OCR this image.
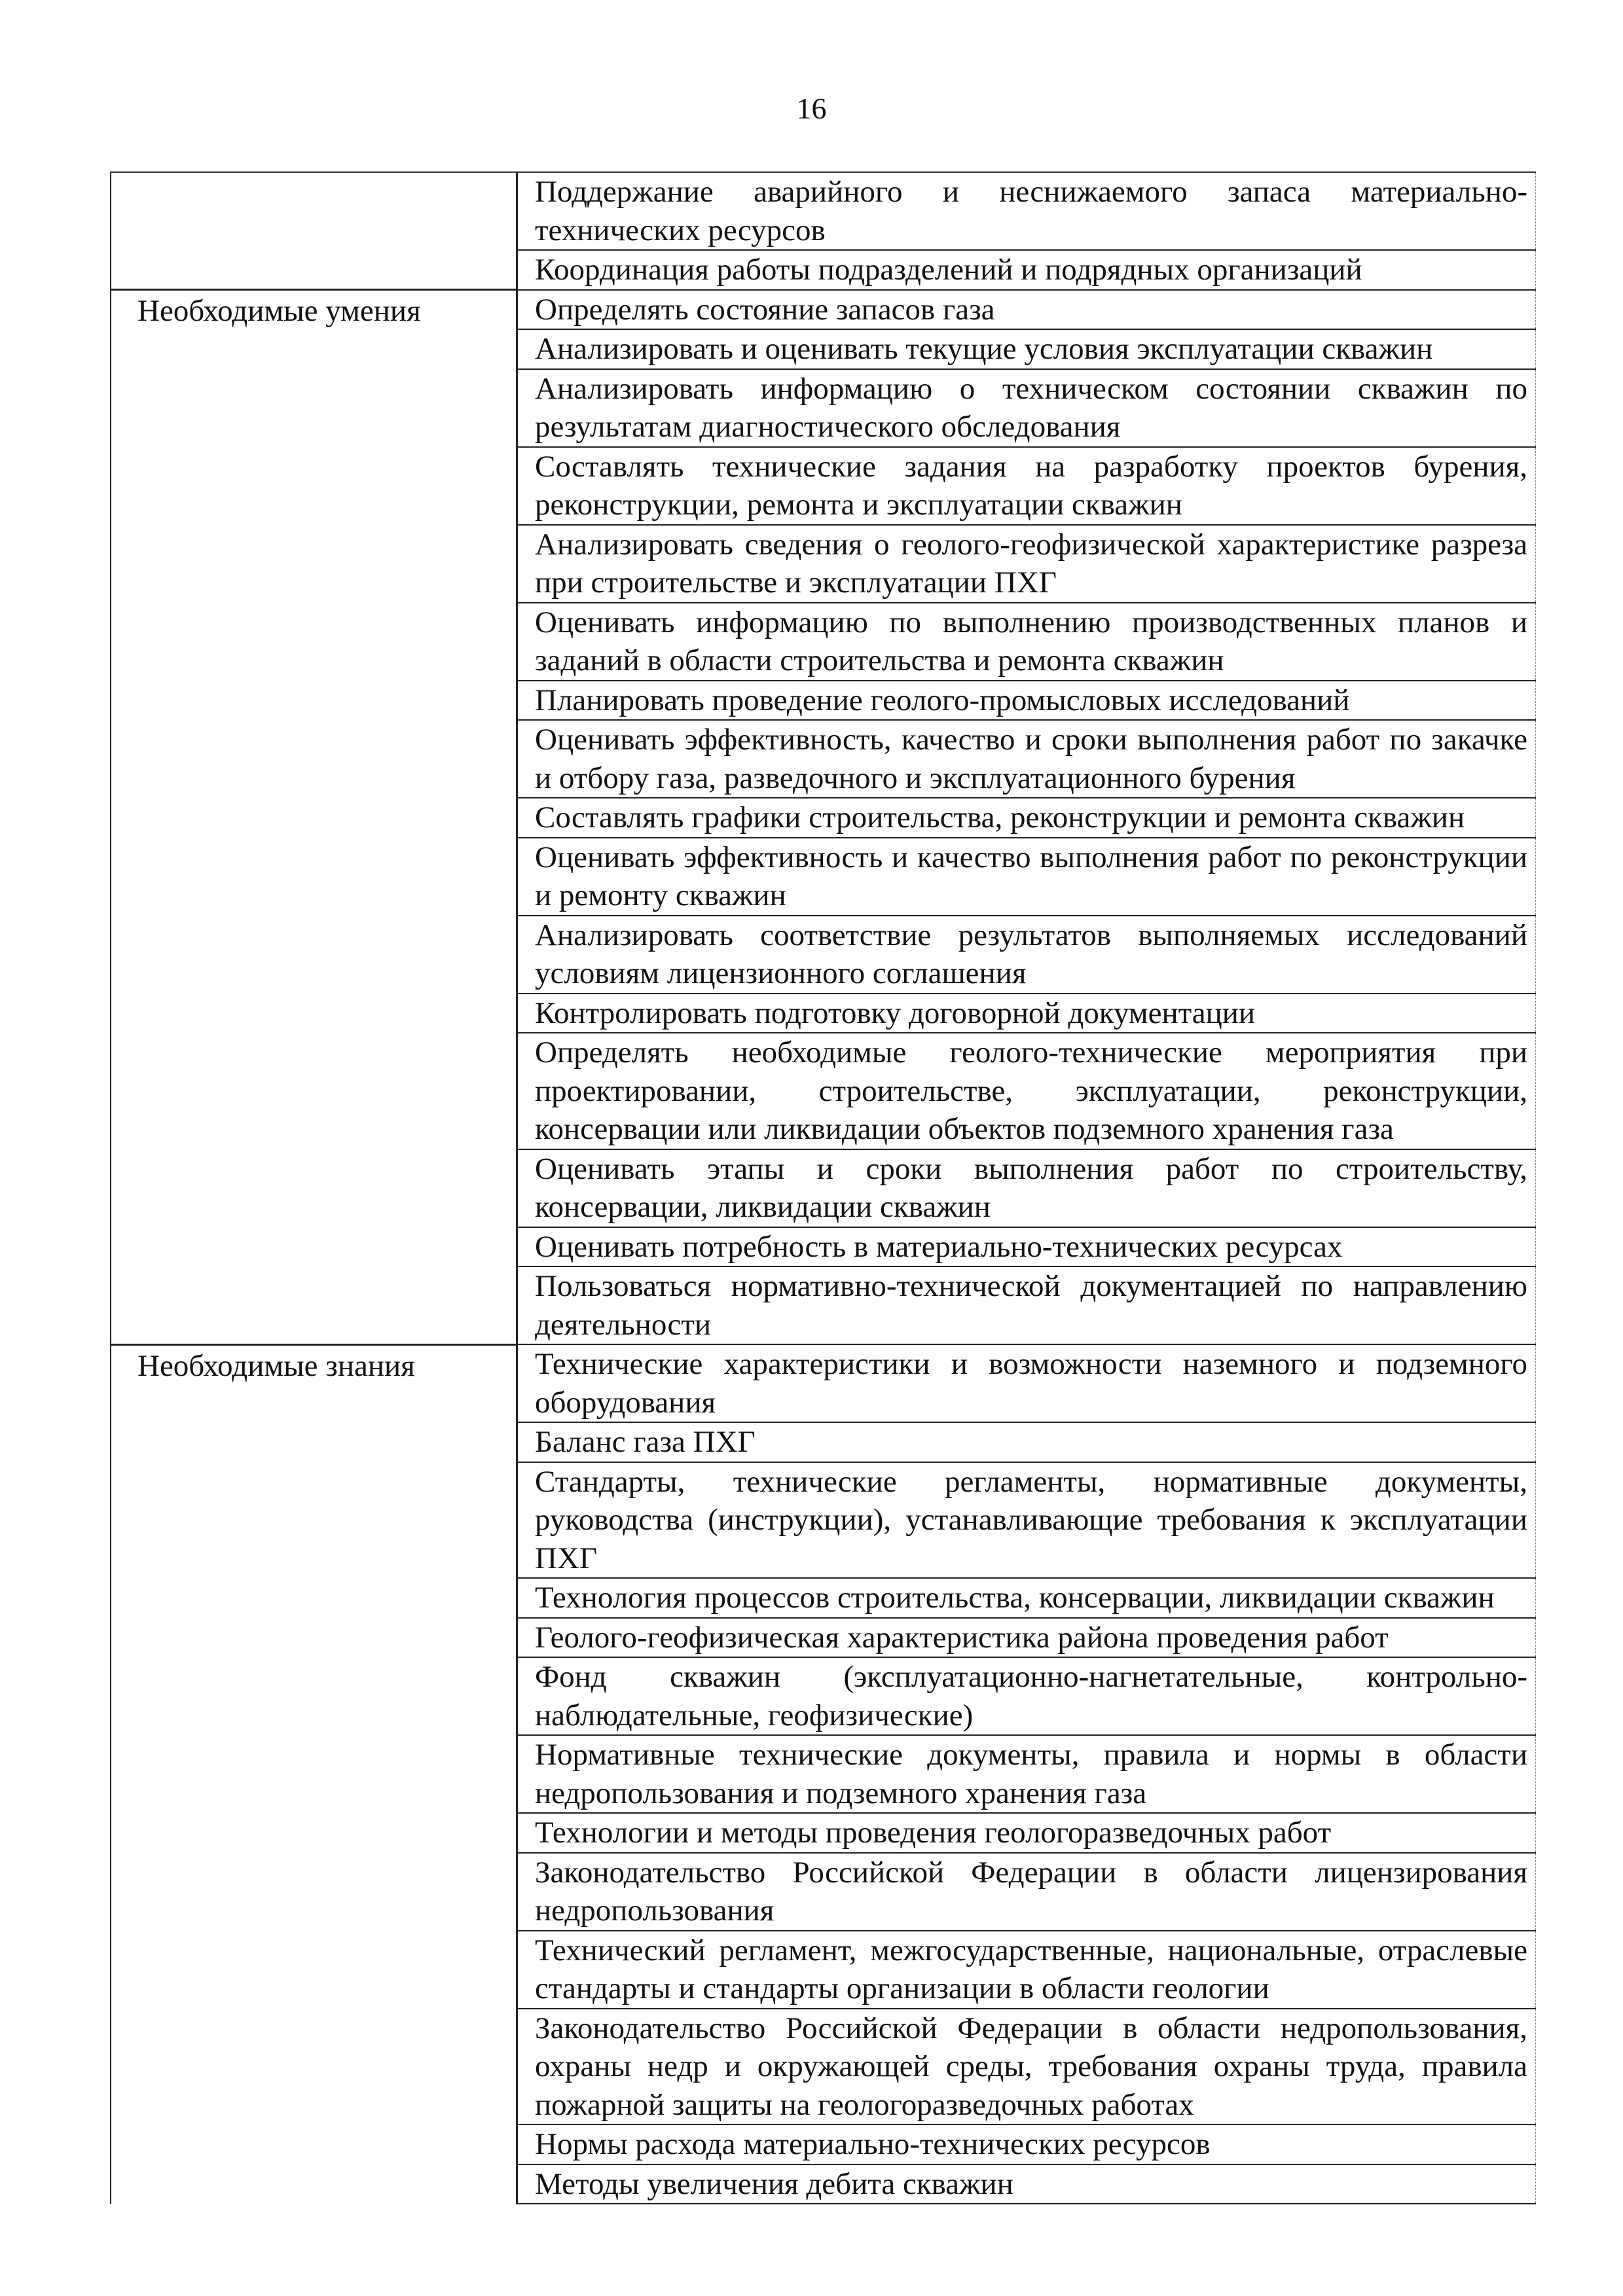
16
	Поддержание аварийного и неснижаемого запаса материально-технических ресурсов
	Координация работы подразделений и подрядных организаций

Необходимые умения	Определять состояние запасов газа
	Анализировать и оценивать текущие условия эксплуатации скважин
	Анализировать информацию о техническом состоянии скважин по результатам диагностического обследования
	Составлять технические задания на разработку проектов бурения, реконструкции, ремонта и эксплуатации скважин
	Анализировать сведения о геолого-геофизической характеристике разреза при строительстве и эксплуатации ПХГ
	Оценивать информацию по выполнению производственных планов и заданий в области строительства и ремонта скважин
	Планировать проведение геолого-промысловых исследований
	Оценивать эффективность, качество и сроки выполнения работ по закачке и отбору газа, разведочного и эксплуатационного бурения
	Составлять графики строительства, реконструкции и ремонта скважин
	Оценивать эффективность и качество выполнения работ по реконструкции и ремонту скважин
	Анализировать соответствие результатов выполняемых исследований условиям лицензионного соглашения
	Контролировать подготовку договорной документации
	Определять необходимые геолого-технические мероприятия при проектировании, строительстве, эксплуатации, реконструкции, консервации или ликвидации объектов подземного хранения газа
	Оценивать этапы и сроки выполнения работ по строительству, консервации, ликвидации скважин
	Оценивать потребность в материально-технических ресурсах
	Пользоваться нормативно-технической документацией по направлению деятельности

Необходимые знания	Технические характеристики и возможности наземного и подземного оборудования
	Баланс газа ПХГ
	Стандарты, технические регламенты, нормативные документы, руководства (инструкции), устанавливающие требования к эксплуатации ПХГ
	Технология процессов строительства, консервации, ликвидации скважин
	Геолого-геофизическая характеристика района проведения работ
	Фонд скважин (эксплуатационно-нагнетательные, контрольно-наблюдательные, геофизические)
	Нормативные технические документы, правила и нормы в области недропользования и подземного хранения газа
	Технологии и методы проведения геологоразведочных работ
	Законодательство Российской Федерации в области лицензирования недропользования
	Технический регламент, межгосударственные, национальные, отраслевые стандарты и стандарты организации в области геологии
	Законодательство Российской Федерации в области недропользования, охраны недр и окружающей среды, требования охраны труда, правила пожарной защиты на геологоразведочных работах
	Нормы расхода материально-технических ресурсов
	Методы увеличения дебита скважин
